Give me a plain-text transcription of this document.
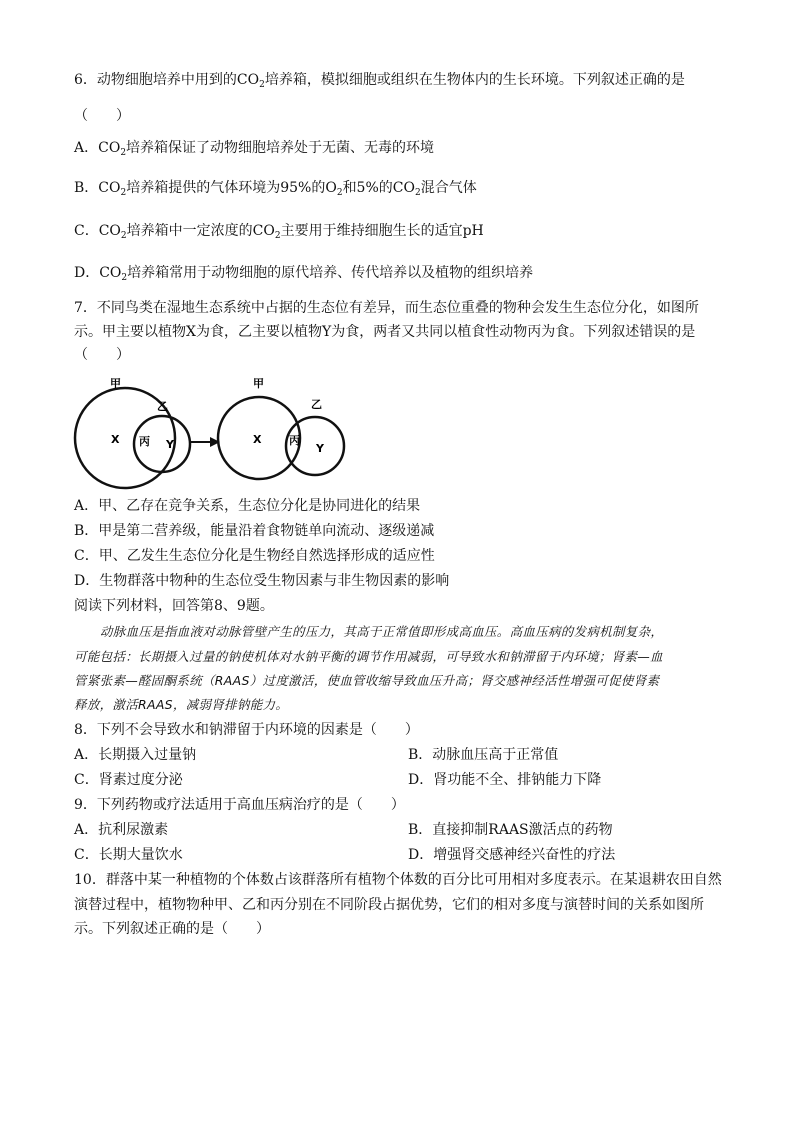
6．动物细胞培养中用到的$CO_2$培养箱，模拟细胞或组织在生物体内的生长环境。下列叙述正确的是
（　　）
A．$CO_2$培养箱保证了动物细胞培养处于无菌、无毒的环境
B．$CO_2$培养箱提供的气体环境为95%的$O_2$和5%的$CO_2$混合气体
C．$CO_2$培养箱中一定浓度的$CO_2$主要用于维持细胞生长的适宜pH
D．$CO_2$培养箱常用于动物细胞的原代培养、传代培养以及植物的组织培养
7．不同鸟类在湿地生态系统中占据的生态位有差异，而生态位重叠的物种会发生生态位分化，如图所
示。甲主要以植物X为食，乙主要以植物Y为食，两者又共同以植食性动物丙为食。下列叙述错误的是
（　　）
甲
乙
X 丙 Y
甲
乙
X	丙
Y
A．甲、乙存在竞争关系，生态位分化是协同进化的结果
B．甲是第二营养级，能量沿着食物链单向流动、逐级递减
C．甲、乙发生生态位分化是生物经自然选择形成的适应性
D．生物群落中物种的生态位受生物因素与非生物因素的影响
阅读下列材料，回答第8、9题。
动脉血压是指血液对动脉管壁产生的压力，其高于正常值即形成高血压。高血压病的发病机制复杂，
可能包括：长期摄入过量的钠使机体对水钠平衡的调节作用减弱，可导致水和钠滞留于内环境；肾素—血
管紧张素—醛固酮系统（RAAS）过度激活，使血管收缩导致血压升高；肾交感神经活性增强可促使肾素
释放，激活RAAS，减弱肾排钠能力。
8．下列不会导致水和钠滞留于内环境的因素是（　　）
A．长期摄入过量钠	B．动脉血压高于正常值
C．肾素过度分泌	D．肾功能不全、排钠能力下降
9．下列药物或疗法适用于高血压病治疗的是（　　）
A．抗利尿激素	B．直接抑制RAAS激活点的药物
C．长期大量饮水	D．增强肾交感神经兴奋性的疗法
10．群落中某一种植物的个体数占该群落所有植物个体数的百分比可用相对多度表示。在某退耕农田自然
演替过程中，植物物种甲、乙和丙分别在不同阶段占据优势，它们的相对多度与演替时间的关系如图所
示。下列叙述正确的是（　　）
